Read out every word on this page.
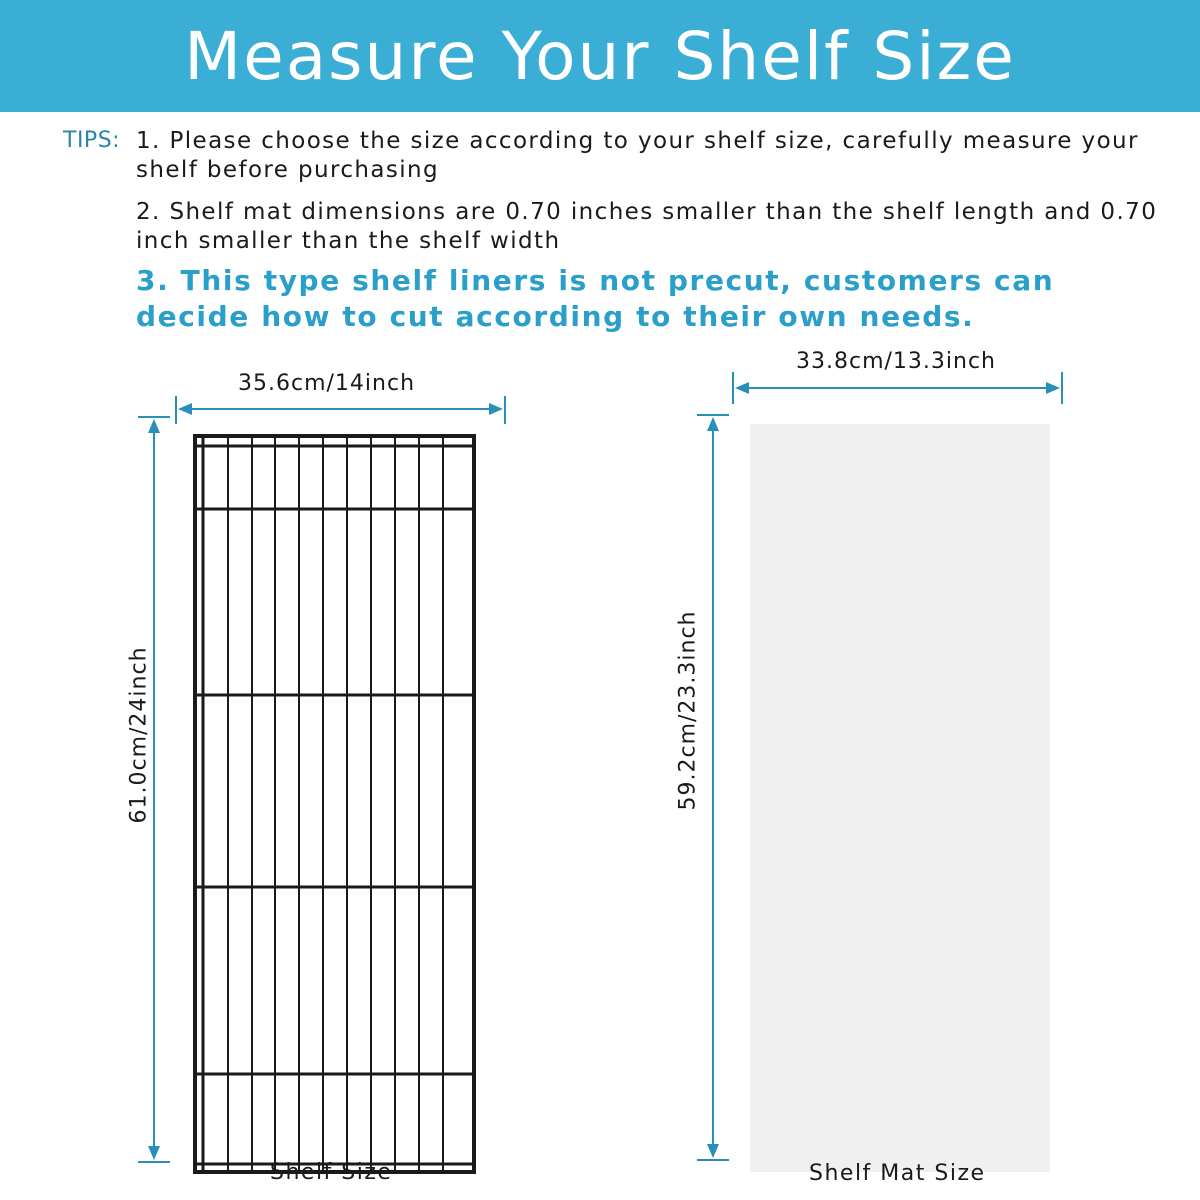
Measure Your Shelf Size
TIPS: 1. Please choose the size according to your shelf size, carefully measure your shelf before purchasing
2. Shelf mat dimensions are 0.70 inches smaller than the shelf length and 0.70 inch smaller than the shelf width
3. This type shelf liners is not precut, customers can decide how to cut according to their own needs.
35.6cm/14inch
61.0cm/24inch
Shelf Size
33.8cm/13.3inch
59.2cm/23.3inch
Shelf Mat Size
